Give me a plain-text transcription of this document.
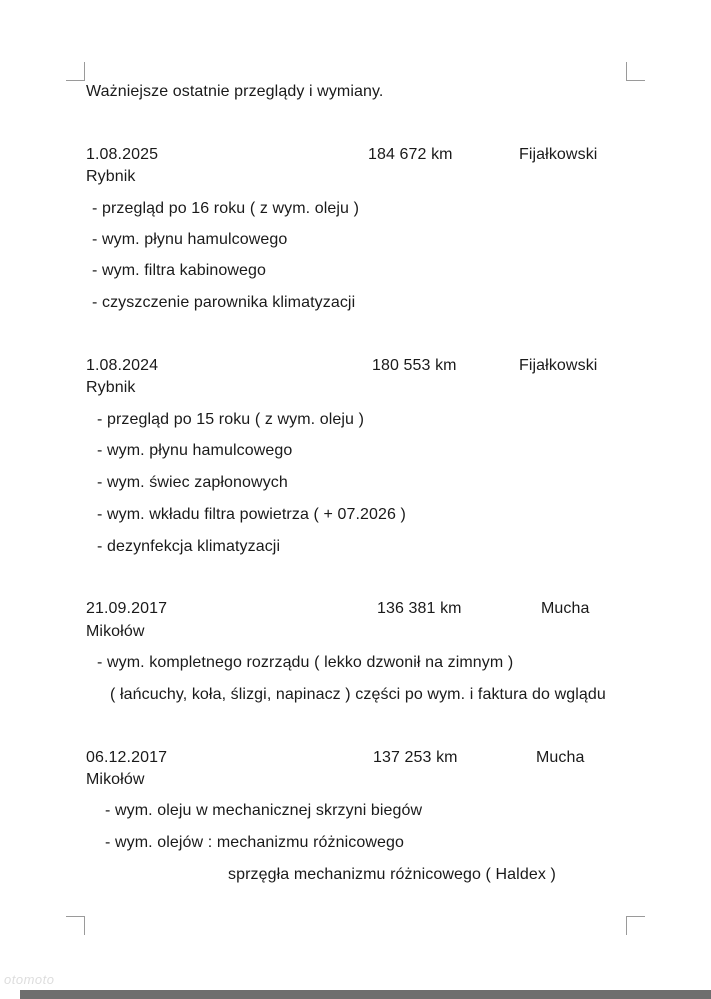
Ważniejsze ostatnie przeglądy i wymiany.
1.08.2025	184 672 km	Fijałkowski
Rybnik
- przegląd po 16 roku ( z wym. oleju )
- wym. płynu hamulcowego
- wym. filtra kabinowego
- czyszczenie parownika klimatyzacji
1.08.2024	180 553 km	Fijałkowski
Rybnik
- przegląd po 15 roku ( z wym. oleju )
- wym. płynu hamulcowego
- wym. świec zapłonowych
- wym. wkładu filtra powietrza ( + 07.2026 )
- dezynfekcja klimatyzacji
21.09.2017	136 381 km	Mucha
Mikołów
- wym. kompletnego rozrządu ( lekko dzwonił na zimnym )
( łańcuchy, koła, ślizgi, napinacz ) części po wym. i faktura do wglądu
06.12.2017	137 253 km	Mucha
Mikołów
- wym. oleju w mechanicznej skrzyni biegów
- wym. olejów : mechanizmu różnicowego
sprzęgła mechanizmu różnicowego ( Haldex )
otomoto
